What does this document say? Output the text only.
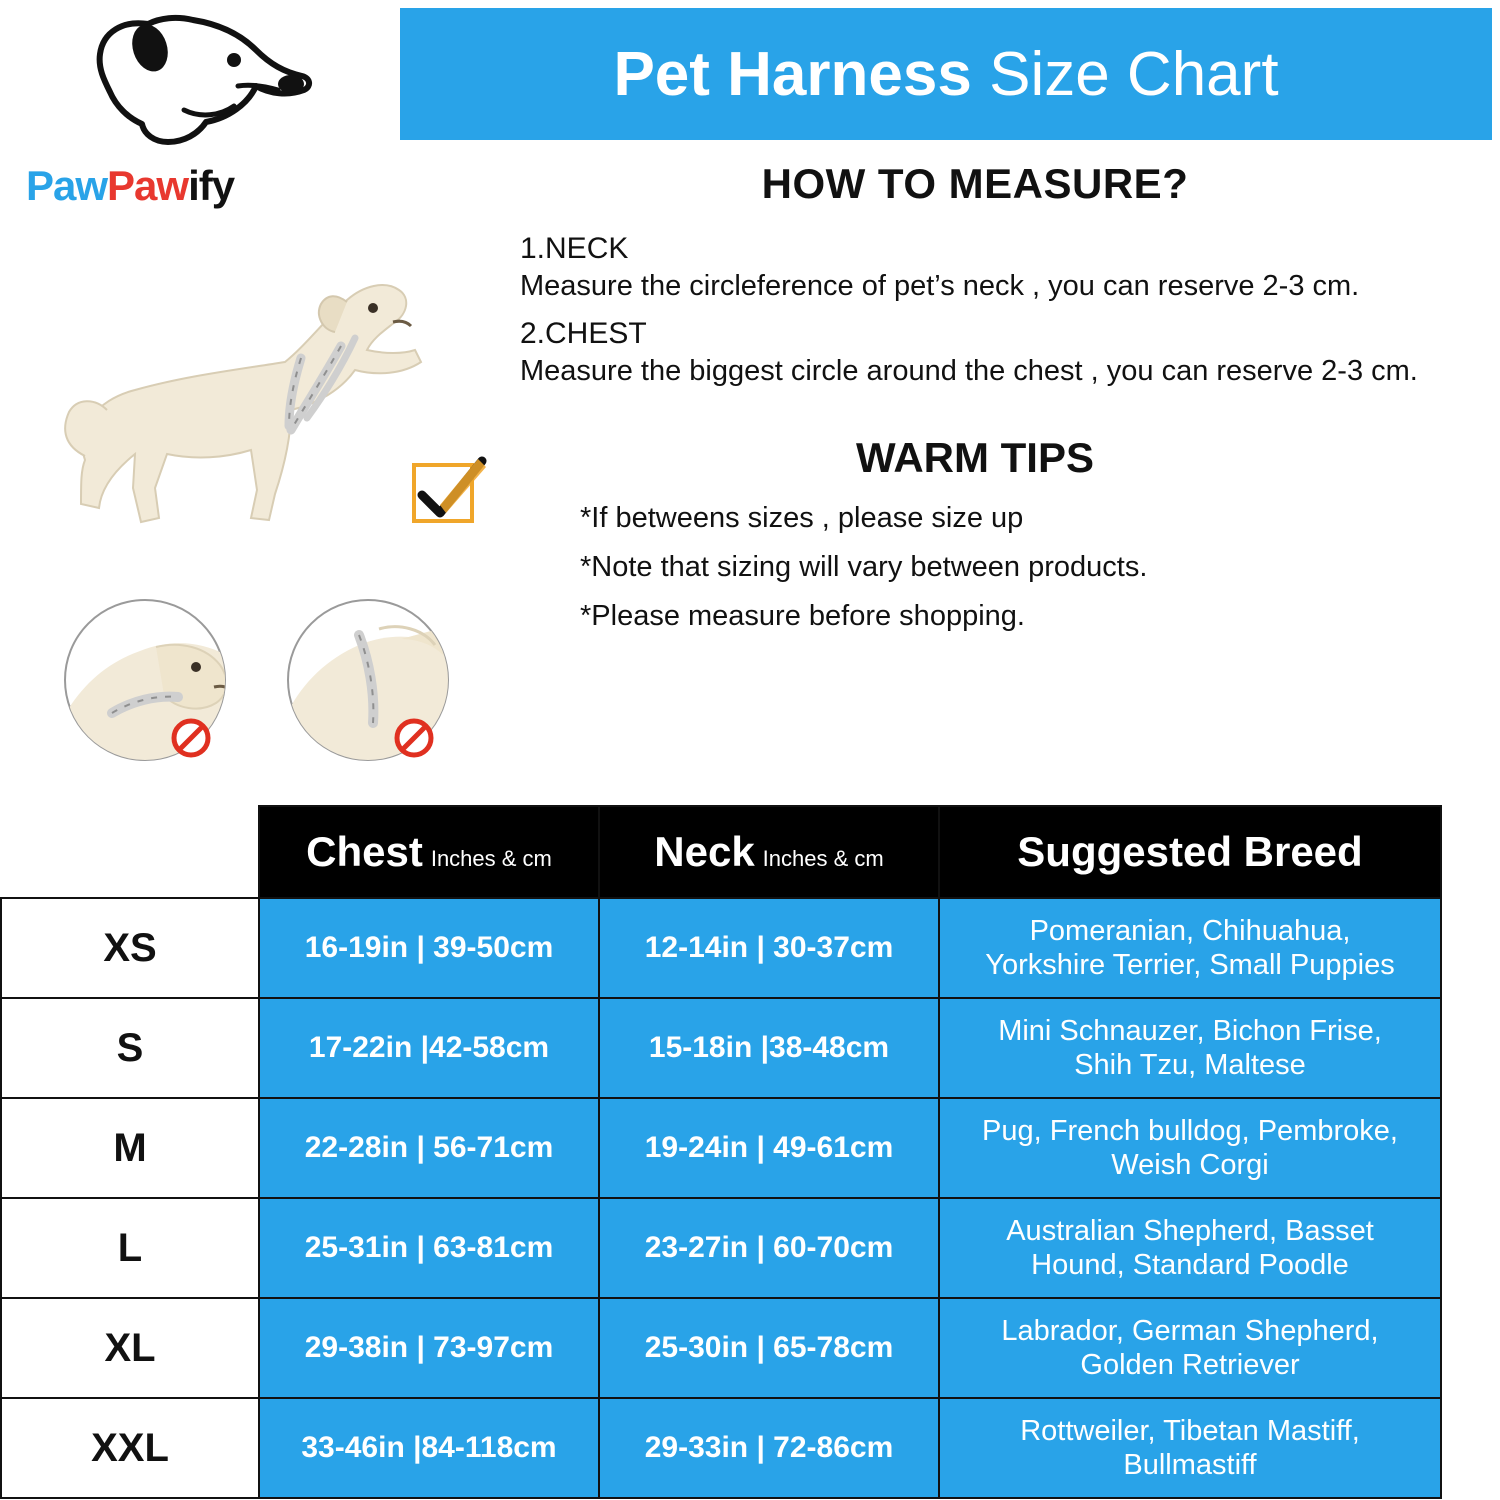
Pet Harness Size Chart
PawPawify	HOW TO MEASURE?
1.NECK
Measure the circleference of pet’s neck , you can reserve 2-3 cm.
2.CHEST
Measure the biggest circle around the chest , you can reserve 2-3 cm.
WARM TIPS
*If betweens sizes , please size up
*Note that sizing will vary between products.
*Please measure before shopping.
	Chest Inches & cm	Neck Inches & cm	Suggested Breed
XS	16-19in | 39-50cm	12-14in | 30-37cm	Pomeranian, Chihuahua,
Yorkshire Terrier, Small Puppies

S	17-22in |42-58cm	15-18in |38-48cm	Mini Schnauzer, Bichon Frise,
Shih Tzu, Maltese

M	22-28in | 56-71cm	19-24in | 49-61cm	Pug, French bulldog, Pembroke,
Weish Corgi

L	25-31in | 63-81cm	23-27in | 60-70cm	Australian Shepherd, Basset
Hound, Standard Poodle

XL	29-38in | 73-97cm	25-30in | 65-78cm	Labrador, German Shepherd,
Golden Retriever

XXL	33-46in |84-118cm	29-33in | 72-86cm	Rottweiler, Tibetan Mastiff,
Bullmastiff
